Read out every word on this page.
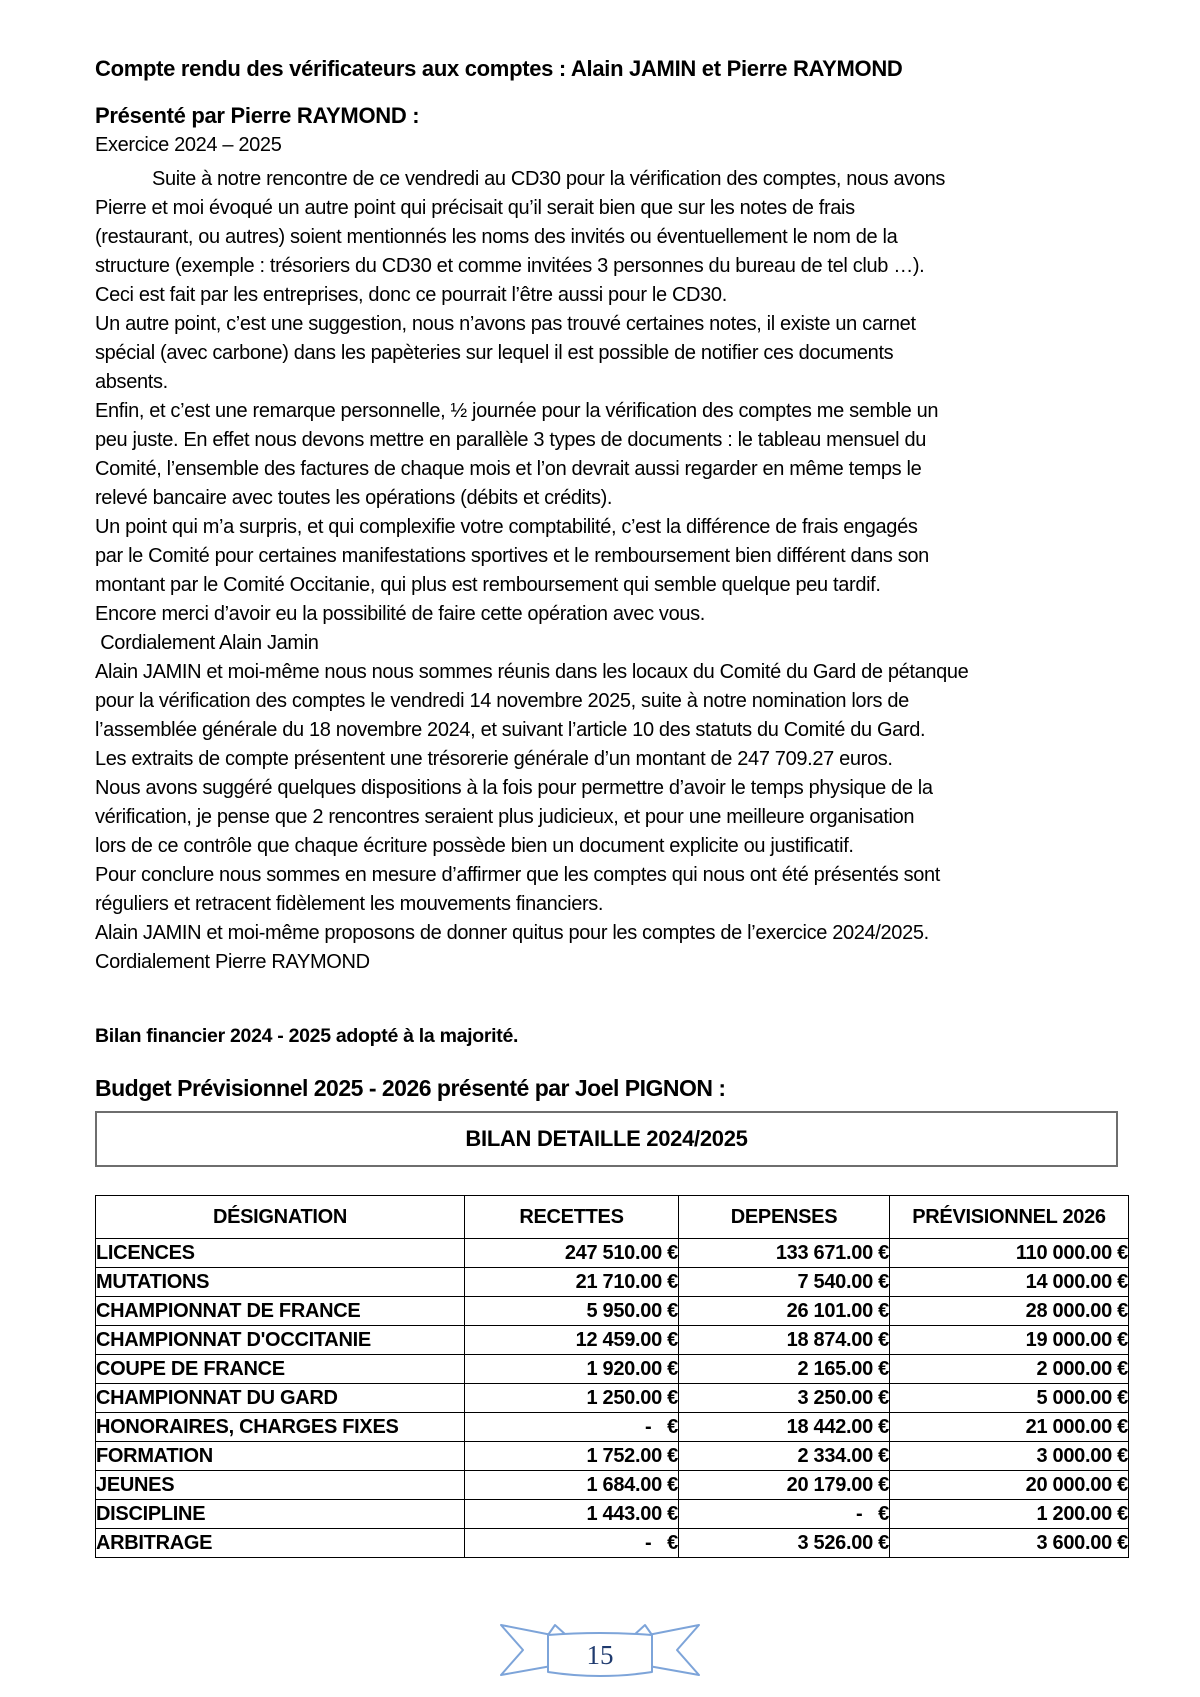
Compte rendu des vérificateurs aux comptes : Alain JAMIN et Pierre RAYMOND
Présenté par Pierre RAYMOND :
Exercice 2024 – 2025
Suite à notre rencontre de ce vendredi au CD30 pour la vérification des comptes, nous avons
Pierre et moi évoqué un autre point qui précisait qu’il serait bien que sur les notes de frais
(restaurant, ou autres) soient mentionnés les noms des invités ou éventuellement le nom de la
structure (exemple : trésoriers du CD30 et comme invitées 3 personnes du bureau de tel club …).
Ceci est fait par les entreprises, donc ce pourrait l’être aussi pour le CD30.
Un autre point, c’est une suggestion, nous n’avons pas trouvé certaines notes, il existe un carnet
spécial (avec carbone) dans les papèteries sur lequel il est possible de notifier ces documents
absents.
Enfin, et c’est une remarque personnelle, ½ journée pour la vérification des comptes me semble un
peu juste. En effet nous devons mettre en parallèle 3 types de documents : le tableau mensuel du
Comité, l’ensemble des factures de chaque mois et l’on devrait aussi regarder en même temps le
relevé bancaire avec toutes les opérations (débits et crédits).
Un point qui m’a surpris, et qui complexifie votre comptabilité, c’est la différence de frais engagés
par le Comité pour certaines manifestations sportives et le remboursement bien différent dans son
montant par le Comité Occitanie, qui plus est remboursement qui semble quelque peu tardif.
Encore merci d’avoir eu la possibilité de faire cette opération avec vous.
Cordialement Alain Jamin
Alain JAMIN et moi-même nous nous sommes réunis dans les locaux du Comité du Gard de pétanque
pour la vérification des comptes le vendredi 14 novembre 2025, suite à notre nomination lors de
l’assemblée générale du 18 novembre 2024, et suivant l’article 10 des statuts du Comité du Gard.
Les extraits de compte présentent une trésorerie générale d’un montant de 247 709.27 euros.
Nous avons suggéré quelques dispositions à la fois pour permettre d’avoir le temps physique de la
vérification, je pense que 2 rencontres seraient plus judicieux, et pour une meilleure organisation
lors de ce contrôle que chaque écriture possède bien un document explicite ou justificatif.
Pour conclure nous sommes en mesure d’affirmer que les comptes qui nous ont été présentés sont
réguliers et retracent fidèlement les mouvements financiers.
Alain JAMIN et moi-même proposons de donner quitus pour les comptes de l’exercice 2024/2025.
Cordialement Pierre RAYMOND
Bilan financier 2024 - 2025 adopté à la majorité.
Budget Prévisionnel 2025 - 2026 présenté par Joel PIGNON :
BILAN DETAILLE 2024/2025
DÉSIGNATION	RECETTES	DEPENSES	PRÉVISIONNEL 2026
LICENCES	247 510.00 €	133 671.00 €	110 000.00 €
MUTATIONS	21 710.00 €	7 540.00 €	14 000.00 €
CHAMPIONNAT DE FRANCE	5 950.00 €	26 101.00 €	28 000.00 €
CHAMPIONNAT D'OCCITANIE	12 459.00 €	18 874.00 €	19 000.00 €
COUPE DE FRANCE	1 920.00 €	2 165.00 €	2 000.00 €
CHAMPIONNAT DU GARD	1 250.00 €	3 250.00 €	5 000.00 €
HONORAIRES, CHARGES FIXES	-   €	18 442.00 €	21 000.00 €
FORMATION	1 752.00 €	2 334.00 €	3 000.00 €
JEUNES	1 684.00 €	20 179.00 €	20 000.00 €
DISCIPLINE	1 443.00 €	-   €	1 200.00 €
ARBITRAGE	-   €	3 526.00 €	3 600.00 €
15
